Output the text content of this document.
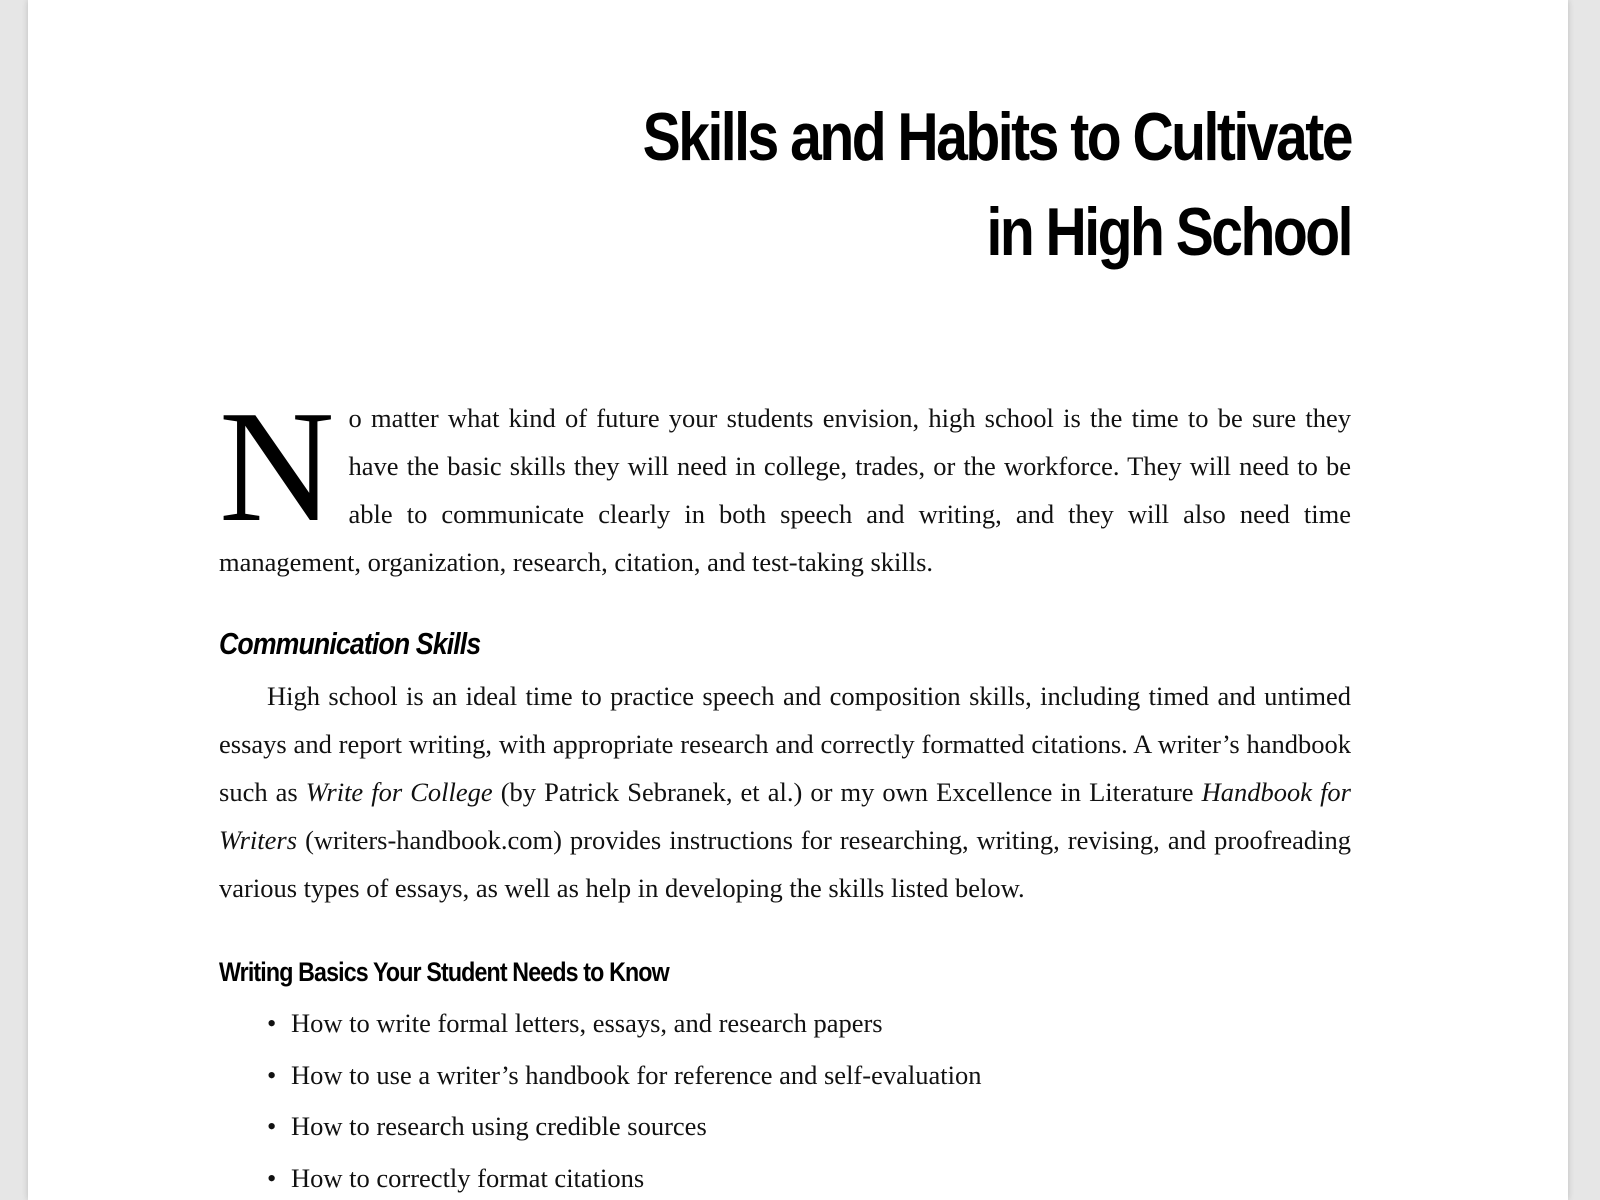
Skills and Habits to Cultivate
in High School

No matter what kind of future your students envision, high school is the time to be sure they have the basic skills they will need in college, trades, or the workforce. They will need to be able to communicate clearly in both speech and writing, and they will also need time management, organization, research, citation, and test-taking skills.

Communication Skills

High school is an ideal time to practice speech and composition skills, including timed and untimed essays and report writing, with appropriate research and correctly formatted citations. A writer’s handbook such as Write for College (by Patrick Sebranek, et al.) or my own Excellence in Literature Handbook for Writers (writers-handbook.com) provides instructions for researching, writing, revising, and proofreading various types of essays, as well as help in developing the skills listed below.

Writing Basics Your Student Needs to Know
• How to write formal letters, essays, and research papers
• How to use a writer’s handbook for reference and self-evaluation
• How to research using credible sources
• How to correctly format citations
